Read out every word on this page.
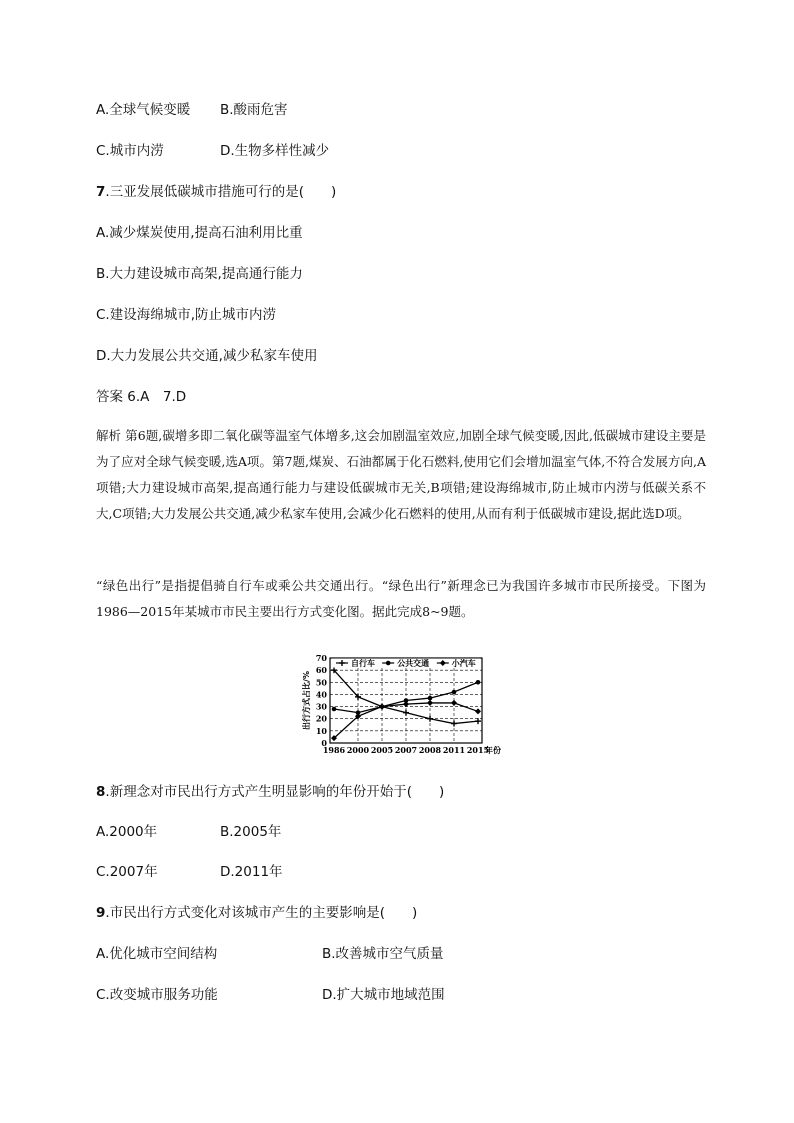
A.全球气候变暖 B.酸雨危害
C.城市内涝	D.生物多样性减少
7.三亚发展低碳城市措施可行的是(　　)
A.减少煤炭使用,提高石油利用比重
B.大力建设城市高架,提高通行能力
C.建设海绵城市,防止城市内涝
D.大力发展公共交通,减少私家车使用
答案 6.A　7.D
解析 第6题,碳增多即二氧化碳等温室气体增多,这会加剧温室效应,加剧全球气候变暖,因此,低碳城市建设主要是为了应对全球气候变暖,选A项。第7题,煤炭、石油都属于化石燃料,使用它们会增加温室气体,不符合发展方向,A项错;大力建设城市高架,提高通行能力与建设低碳城市无关,B项错;建设海绵城市,防止城市内涝与低碳关系不大,C项错;大力发展公共交通,减少私家车使用,会减少化石燃料的使用,从而有利于低碳城市建设,据此选D项。
“绿色出行”是指提倡骑自行车或乘公共交通出行。“绿色出行”新理念已为我国许多城市市民所接受。下图为1986—2015年某城市市民主要出行方式变化图。据此完成8~9题。
0
10
20
30
40
50
60
70
1986 2000 2005 2007 2008 2011 2015
年份
出行方式占比/%
自行车	公共交通	小汽车
8.新理念对市民出行方式产生明显影响的年份开始于(　　)
A.2000年	B.2005年
C.2007年	D.2011年
9.市民出行方式变化对该城市产生的主要影响是(　　)
A.优化城市空间结构	B.改善城市空气质量
C.改变城市服务功能	D.扩大城市地域范围
